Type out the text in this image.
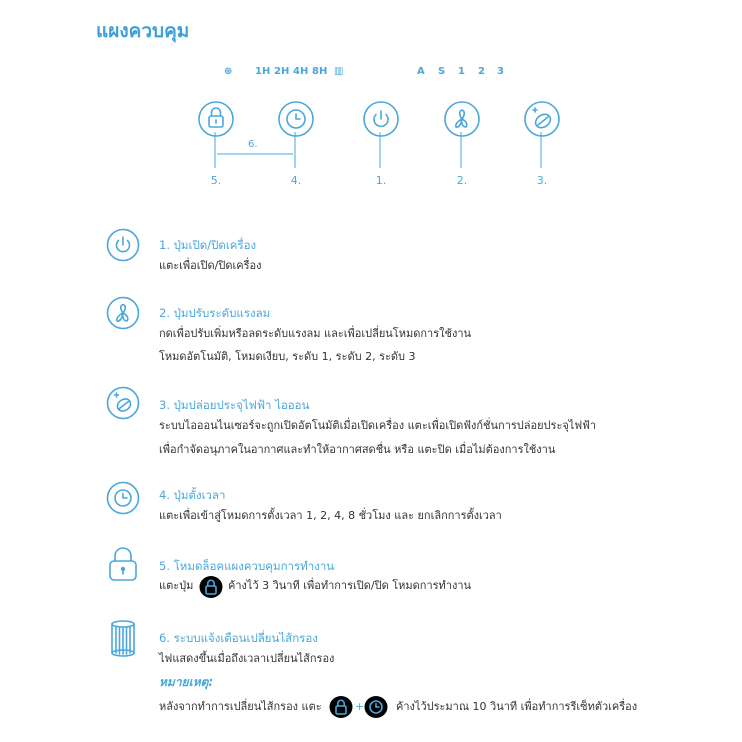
แผงควบคุม
⊕ 1H 2H 4H 8H ▥	A S 1 2 3
6.
5.	4.	1.	2.	3.
1. ปุ่มเปิด/ปิดเครื่อง
แตะเพื่อเปิด/ปิดเครื่อง
2. ปุ่มปรับระดับแรงลม
กดเพื่อปรับเพิ่มหรือลดระดับแรงลม และเพื่อเปลี่ยนโหมดการใช้งาน
โหมดอัตโนมัติ, โหมดเงียบ, ระดับ 1, ระดับ 2, ระดับ 3
3. ปุ่มปล่อยประจุไฟฟ้า ไอออน
ระบบไอออนไนเซอร์จะถูกเปิดอัตโนมัติเมื่อเปิดเครื่อง แตะเพื่อเปิดฟังก์ชั่นการปล่อยประจุไฟฟ้า
เพื่อกำจัดอนุภาคในอากาศและทำให้อากาศสดชื่น หรือ แตะปิด เมื่อไม่ต้องการใช้งาน
4. ปุ่มตั้งเวลา
แตะเพื่อเข้าสู่โหมดการตั้งเวลา 1, 2, 4, 8 ชั่วโมง และ ยกเลิกการตั้งเวลา
5. โหมดล็อคแผงควบคุมการทำงาน
แตะปุ่ม	ค้างไว้ 3 วินาที เพื่อทำการเปิด/ปิด โหมดการทำงาน
6. ระบบแจ้งเตือนเปลี่ยนไส้กรอง
ไฟแสดงขึ้นเมื่อถึงเวลาเปลี่ยนไส้กรอง
หมายเหตุ:
หลังจากทำการเปลี่ยนไส้กรอง แตะ	+	ค้างไว้ประมาณ 10 วินาที เพื่อทำการรีเซ็ทตัวเครื่อง
